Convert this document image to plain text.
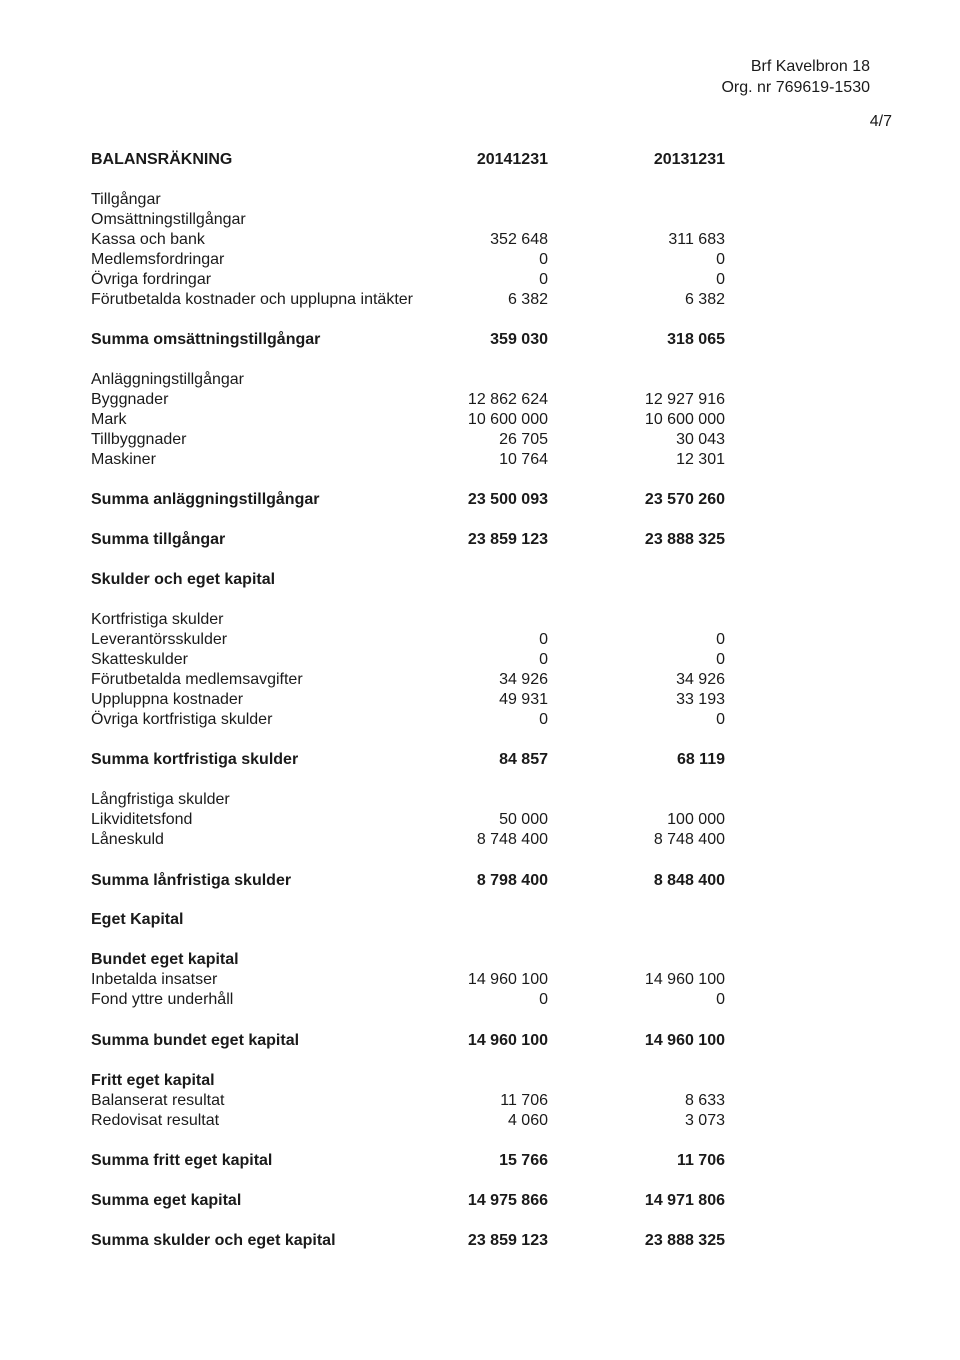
Brf Kavelbron 18
Org. nr 769619-1530
4/7
BALANSRÄKNING	20141231	20131231
Tillgångar
Omsättningstillgångar
Kassa och bank	352 648	311 683
Medlemsfordringar	0	0
Övriga fordringar	0	0
Förutbetalda kostnader och upplupna intäkter	6 382	6 382
Summa omsättningstillgångar	359 030	318 065
Anläggningstillgångar
Byggnader	12 862 624	12 927 916
Mark	10 600 000	10 600 000
Tillbyggnader	26 705	30 043
Maskiner	10 764	12 301
Summa anläggningstillgångar	23 500 093	23 570 260
Summa tillgångar	23 859 123	23 888 325
Skulder och eget kapital
Kortfristiga skulder
Leverantörsskulder	0	0
Skatteskulder	0	0
Förutbetalda medlemsavgifter	34 926	34 926
Uppluppna kostnader	49 931	33 193
Övriga kortfristiga skulder	0	0
Summa kortfristiga skulder	84 857	68 119
Långfristiga skulder
Likviditetsfond	50 000	100 000
Låneskuld	8 748 400	8 748 400
Summa lånfristiga skulder	8 798 400	8 848 400
Eget Kapital
Bundet eget kapital
Inbetalda insatser	14 960 100	14 960 100
Fond yttre underhåll	0	0
Summa bundet eget kapital	14 960 100	14 960 100
Fritt eget kapital
Balanserat resultat	11 706	8 633
Redovisat resultat	4 060	3 073
Summa fritt eget kapital	15 766	11 706
Summa eget kapital	14 975 866	14 971 806
Summa skulder och eget kapital	23 859 123	23 888 325
